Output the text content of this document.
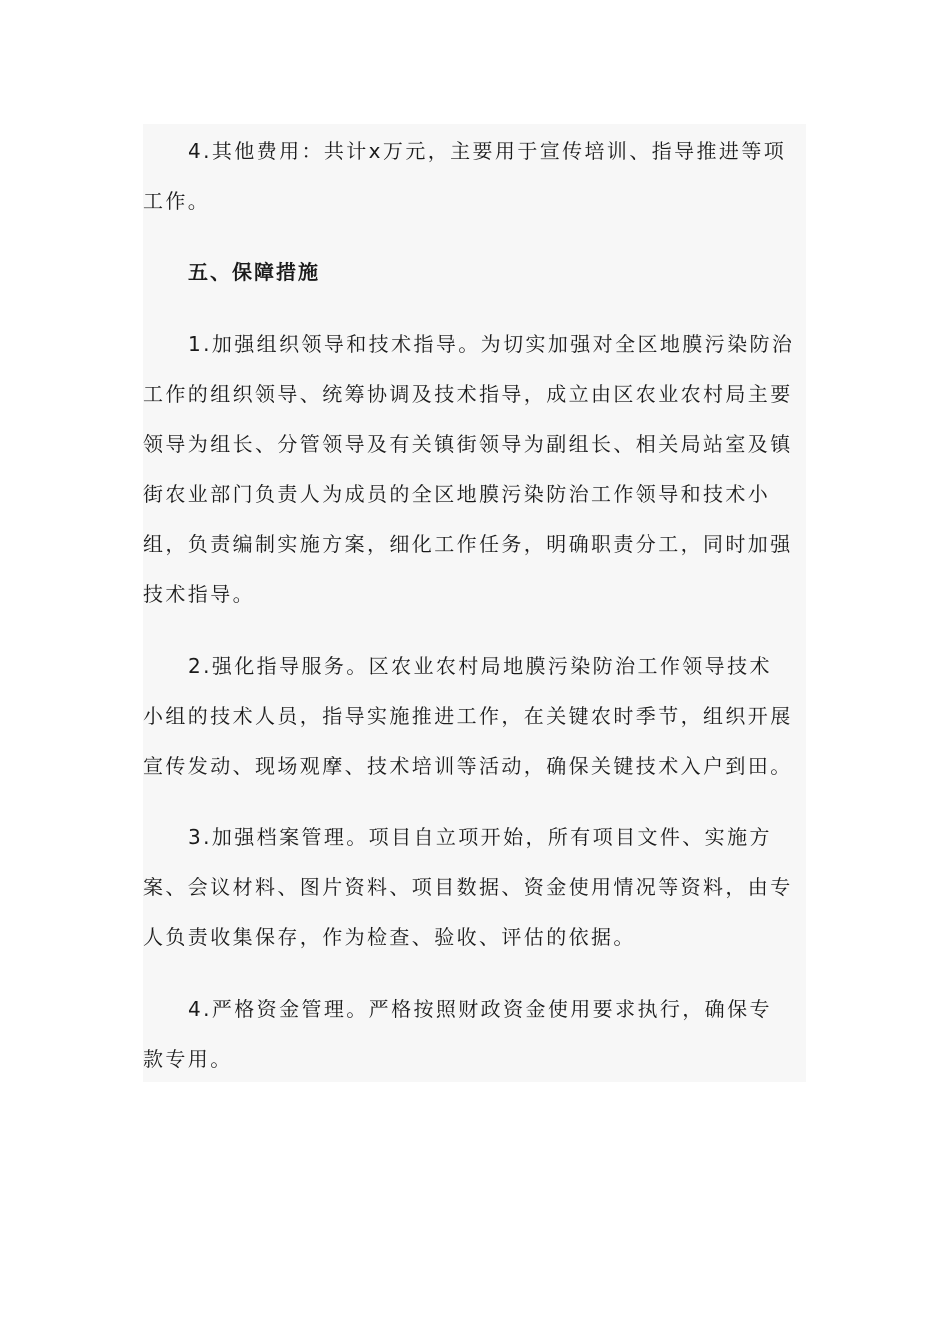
4.其他费用：共计x万元，主要用于宣传培训、指导推进等项工作。

五、保障措施

1.加强组织领导和技术指导。为切实加强对全区地膜污染防治工作的组织领导、统筹协调及技术指导，成立由区农业农村局主要领导为组长、分管领导及有关镇街领导为副组长、相关局站室及镇街农业部门负责人为成员的全区地膜污染防治工作领导和技术小组，负责编制实施方案，细化工作任务，明确职责分工，同时加强技术指导。

2.强化指导服务。区农业农村局地膜污染防治工作领导技术小组的技术人员，指导实施推进工作，在关键农时季节，组织开展宣传发动、现场观摩、技术培训等活动，确保关键技术入户到田。

3.加强档案管理。项目自立项开始，所有项目文件、实施方案、会议材料、图片资料、项目数据、资金使用情况等资料，由专人负责收集保存，作为检查、验收、评估的依据。

4.严格资金管理。严格按照财政资金使用要求执行，确保专款专用。
